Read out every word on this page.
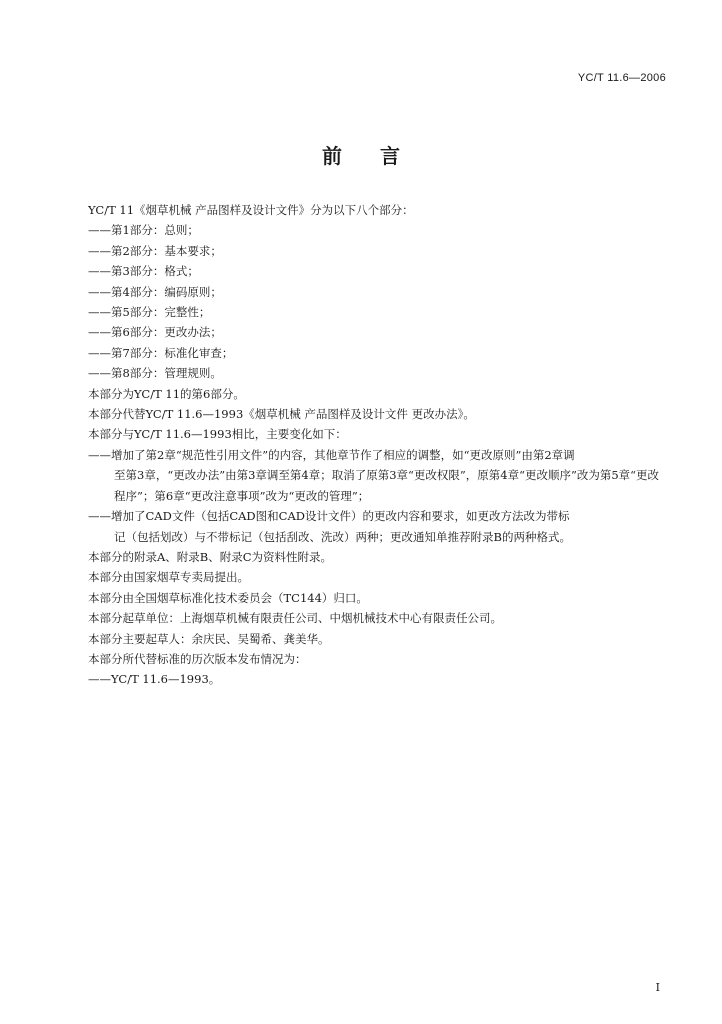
YC/T 11.6—2006
前言
YC/T 11《烟草机械 产品图样及设计文件》分为以下八个部分：
——第1部分：总则；
——第2部分：基本要求；
——第3部分：格式；
——第4部分：编码原则；
——第5部分：完整性；
——第6部分：更改办法；
——第7部分：标准化审查；
——第8部分：管理规则。
本部分为YC/T 11的第6部分。
本部分代替YC/T 11.6—1993《烟草机械 产品图样及设计文件 更改办法》。
本部分与YC/T 11.6—1993相比，主要变化如下：
——增加了第2章“规范性引用文件”的内容，其他章节作了相应的调整，如“更改原则”由第2章调
至第3章，“更改办法”由第3章调至第4章；取消了原第3章“更改权限”，原第4章“更改顺序”改为第5章“更改程序”；第6章“更改注意事项”改为“更改的管理”；
——增加了CAD文件（包括CAD图和CAD设计文件）的更改内容和要求，如更改方法改为带标
记（包括划改）与不带标记（包括刮改、洗改）两种；更改通知单推荐附录B的两种格式。
本部分的附录A、附录B、附录C为资料性附录。
本部分由国家烟草专卖局提出。
本部分由全国烟草标准化技术委员会（TC144）归口。
本部分起草单位：上海烟草机械有限责任公司、中烟机械技术中心有限责任公司。
本部分主要起草人：余庆民、吴蜀希、龚美华。
本部分所代替标准的历次版本发布情况为：
——YC/T 11.6—1993。
I
